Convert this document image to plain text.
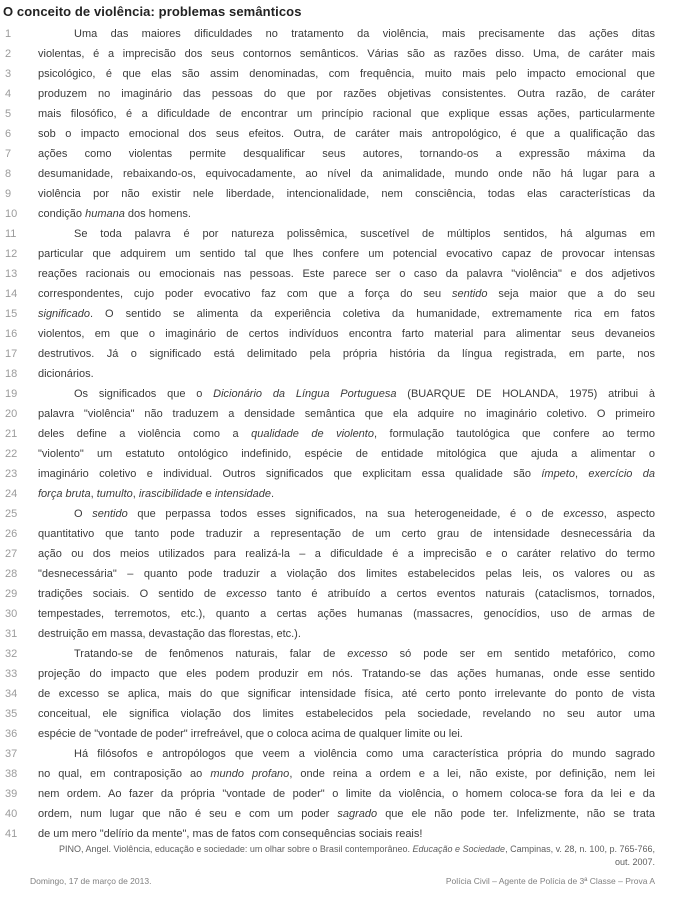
O conceito de violência: problemas semânticos
1	Uma das maiores dificuldades no tratamento da violência, mais precisamente das ações ditas
2	violentas, é a imprecisão dos seus contornos semânticos. Várias são as razões disso. Uma, de caráter mais
3	psicológico, é que elas são assim denominadas, com frequência, muito mais pelo impacto emocional que
4	produzem no imaginário das pessoas do que por razões objetivas consistentes. Outra razão, de caráter
5	mais filosófico, é a dificuldade de encontrar um princípio racional que explique essas ações, particularmente
6	sob o impacto emocional dos seus efeitos. Outra, de caráter mais antropológico, é que a qualificação das
7	ações como violentas permite desqualificar seus autores, tornando-os a expressão máxima da
8	desumanidade, rebaixando-os, equivocadamente, ao nível da animalidade, mundo onde não há lugar para a
9	violência por não existir nele liberdade, intencionalidade, nem consciência, todas elas características da
10	condição humana dos homens.
11	Se toda palavra é por natureza polissêmica, suscetível de múltiplos sentidos, há algumas em
12	particular que adquirem um sentido tal que lhes confere um potencial evocativo capaz de provocar intensas
13	reações racionais ou emocionais nas pessoas. Este parece ser o caso da palavra "violência" e dos adjetivos
14	correspondentes, cujo poder evocativo faz com que a força do seu sentido seja maior que a do seu
15	significado. O sentido se alimenta da experiência coletiva da humanidade, extremamente rica em fatos
16	violentos, em que o imaginário de certos indivíduos encontra farto material para alimentar seus devaneios
17	destrutivos. Já o significado está delimitado pela própria história da língua registrada, em parte, nos
18	dicionários.
19	Os significados que o Dicionário da Língua Portuguesa (BUARQUE DE HOLANDA, 1975) atribui à
20	palavra "violência" não traduzem a densidade semântica que ela adquire no imaginário coletivo. O primeiro
21	deles define a violência como a qualidade de violento, formulação tautológica que confere ao termo
22	"violento" um estatuto ontológico indefinido, espécie de entidade mitológica que ajuda a alimentar o
23	imaginário coletivo e individual. Outros significados que explicitam essa qualidade são ímpeto, exercício da
24	força bruta, tumulto, irascibilidade e intensidade.
25	O sentido que perpassa todos esses significados, na sua heterogeneidade, é o de excesso, aspecto
26	quantitativo que tanto pode traduzir a representação de um certo grau de intensidade desnecessária da
27	ação ou dos meios utilizados para realizá-la – a dificuldade é a imprecisão e o caráter relativo do termo
28	"desnecessária" – quanto pode traduzir a violação dos limites estabelecidos pelas leis, os valores ou as
29	tradições sociais. O sentido de excesso tanto é atribuído a certos eventos naturais (cataclismos, tornados,
30	tempestades, terremotos, etc.), quanto a certas ações humanas (massacres, genocídios, uso de armas de
31	destruição em massa, devastação das florestas, etc.).
32	Tratando-se de fenômenos naturais, falar de excesso só pode ser em sentido metafórico, como
33	projeção do impacto que eles podem produzir em nós. Tratando-se das ações humanas, onde esse sentido
34	de excesso se aplica, mais do que significar intensidade física, até certo ponto irrelevante do ponto de vista
35	conceitual, ele significa violação dos limites estabelecidos pela sociedade, revelando no seu autor uma
36	espécie de "vontade de poder" irrefreável, que o coloca acima de qualquer limite ou lei.
37	Há filósofos e antropólogos que veem a violência como uma característica própria do mundo sagrado
38	no qual, em contraposição ao mundo profano, onde reina a ordem e a lei, não existe, por definição, nem lei
39	nem ordem. Ao fazer da própria "vontade de poder" o limite da violência, o homem coloca-se fora da lei e da
40	ordem, num lugar que não é seu e com um poder sagrado que ele não pode ter. Infelizmente, não se trata
41	de um mero "delírio da mente", mas de fatos com consequências sociais reais!
PINO, Angel. Violência, educação e sociedade: um olhar sobre o Brasil contemporâneo. Educação e Sociedade, Campinas, v. 28, n. 100, p. 765-766,
out. 2007.
Domingo, 17 de março de 2013.	Polícia Civil – Agente de Polícia de 3ª Classe – Prova A
